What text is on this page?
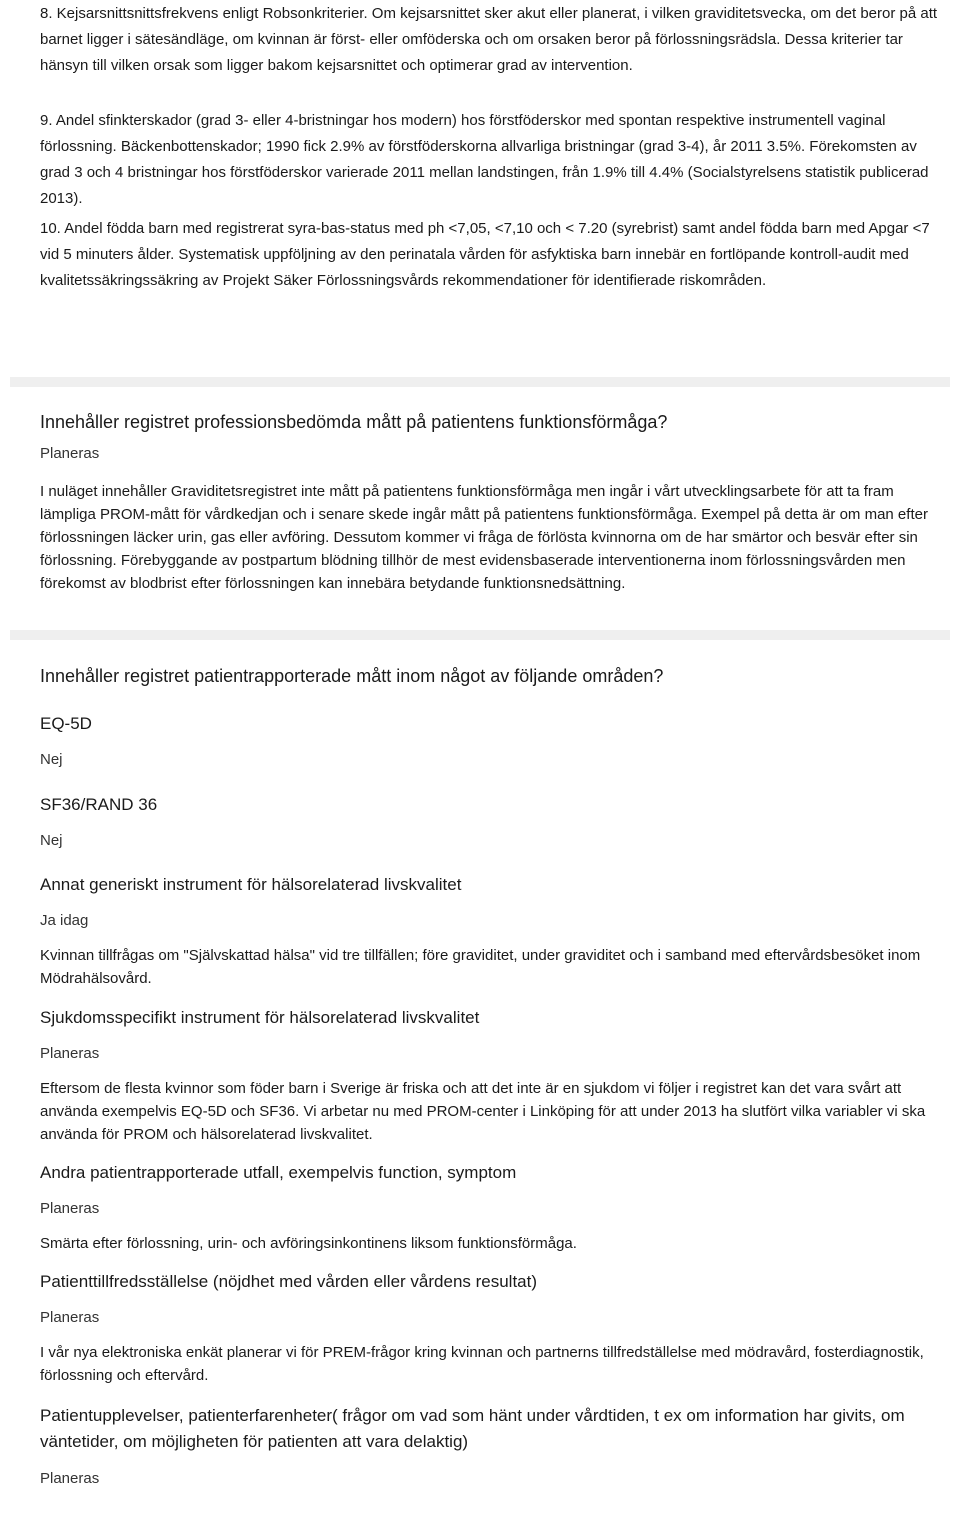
8. Kejsarsnittsnittsfrekvens enligt Robsonkriterier. Om kejsarsnittet sker akut eller planerat, i vilken graviditetsvecka, om det beror på att barnet ligger i sätesändläge, om kvinnan är först- eller omföderska och om orsaken beror på förlossningsrädsla. Dessa kriterier tar hänsyn till vilken orsak som ligger bakom kejsarsnittet och optimerar grad av intervention.

9. Andel sfinkterskador (grad 3- eller 4-bristningar hos modern) hos förstföderskor med spontan respektive instrumentell vaginal förlossning. Bäckenbottenskador; 1990 fick 2.9% av förstföderskorna allvarliga bristningar (grad 3-4), år 2011 3.5%. Förekomsten av grad 3 och 4 bristningar hos förstföderskor varierade 2011 mellan landstingen, från 1.9% till 4.4% (Socialstyrelsens statistik publicerad 2013).

10. Andel födda barn med registrerat syra-bas-status med ph <7,05, <7,10 och < 7.20 (syrebrist) samt andel födda barn med Apgar <7 vid 5 minuters ålder. Systematisk uppföljning av den perinatala vården för asfyktiska barn innebär en fortlöpande kontroll-audit med kvalitetssäkringssäkring av Projekt Säker Förlossningsvårds rekommendationer för identifierade riskområden.

Innehåller registret professionsbedömda mått på patientens funktionsförmåga?

Planeras

I nuläget innehåller Graviditetsregistret inte mått på patientens funktionsförmåga men ingår i vårt utvecklingsarbete för att ta fram lämpliga PROM-mått för vårdkedjan och i senare skede ingår mått på patientens funktionsförmåga. Exempel på detta är om man efter förlossningen läcker urin, gas eller avföring. Dessutom kommer vi fråga de förlösta kvinnorna om de har smärtor och besvär efter sin förlossning. Förebyggande av postpartum blödning tillhör de mest evidensbaserade interventionerna inom förlossningsvården men förekomst av blodbrist efter förlossningen kan innebära betydande funktionsnedsättning.

Innehåller registret patientrapporterade mått inom något av följande områden?

EQ-5D

Nej

SF36/RAND 36

Nej

Annat generiskt instrument för hälsorelaterad livskvalitet

Ja idag

Kvinnan tillfrågas om "Självskattad hälsa" vid tre tillfällen; före graviditet, under graviditet och i samband med eftervårdsbesöket inom Mödrahälsovård.

Sjukdomsspecifikt instrument för hälsorelaterad livskvalitet

Planeras

Eftersom de flesta kvinnor som föder barn i Sverige är friska och att det inte är en sjukdom vi följer i registret kan det vara svårt att använda exempelvis EQ-5D och SF36. Vi arbetar nu med PROM-center i Linköping för att under 2013 ha slutfört vilka variabler vi ska använda för PROM och hälsorelaterad livskvalitet.

Andra patientrapporterade utfall, exempelvis function, symptom

Planeras

Smärta efter förlossning, urin- och avföringsinkontinens liksom funktionsförmåga.

Patienttillfredsställelse (nöjdhet med vården eller vårdens resultat)

Planeras

I vår nya elektroniska enkät planerar vi för PREM-frågor kring kvinnan och partnerns tillfredställelse med mödravård, fosterdiagnostik, förlossning och eftervård.

Patientupplevelser, patienterfarenheter( frågor om vad som hänt under vårdtiden, t ex om information har givits, om väntetider, om möjligheten för patienten att vara delaktig)

Planeras
